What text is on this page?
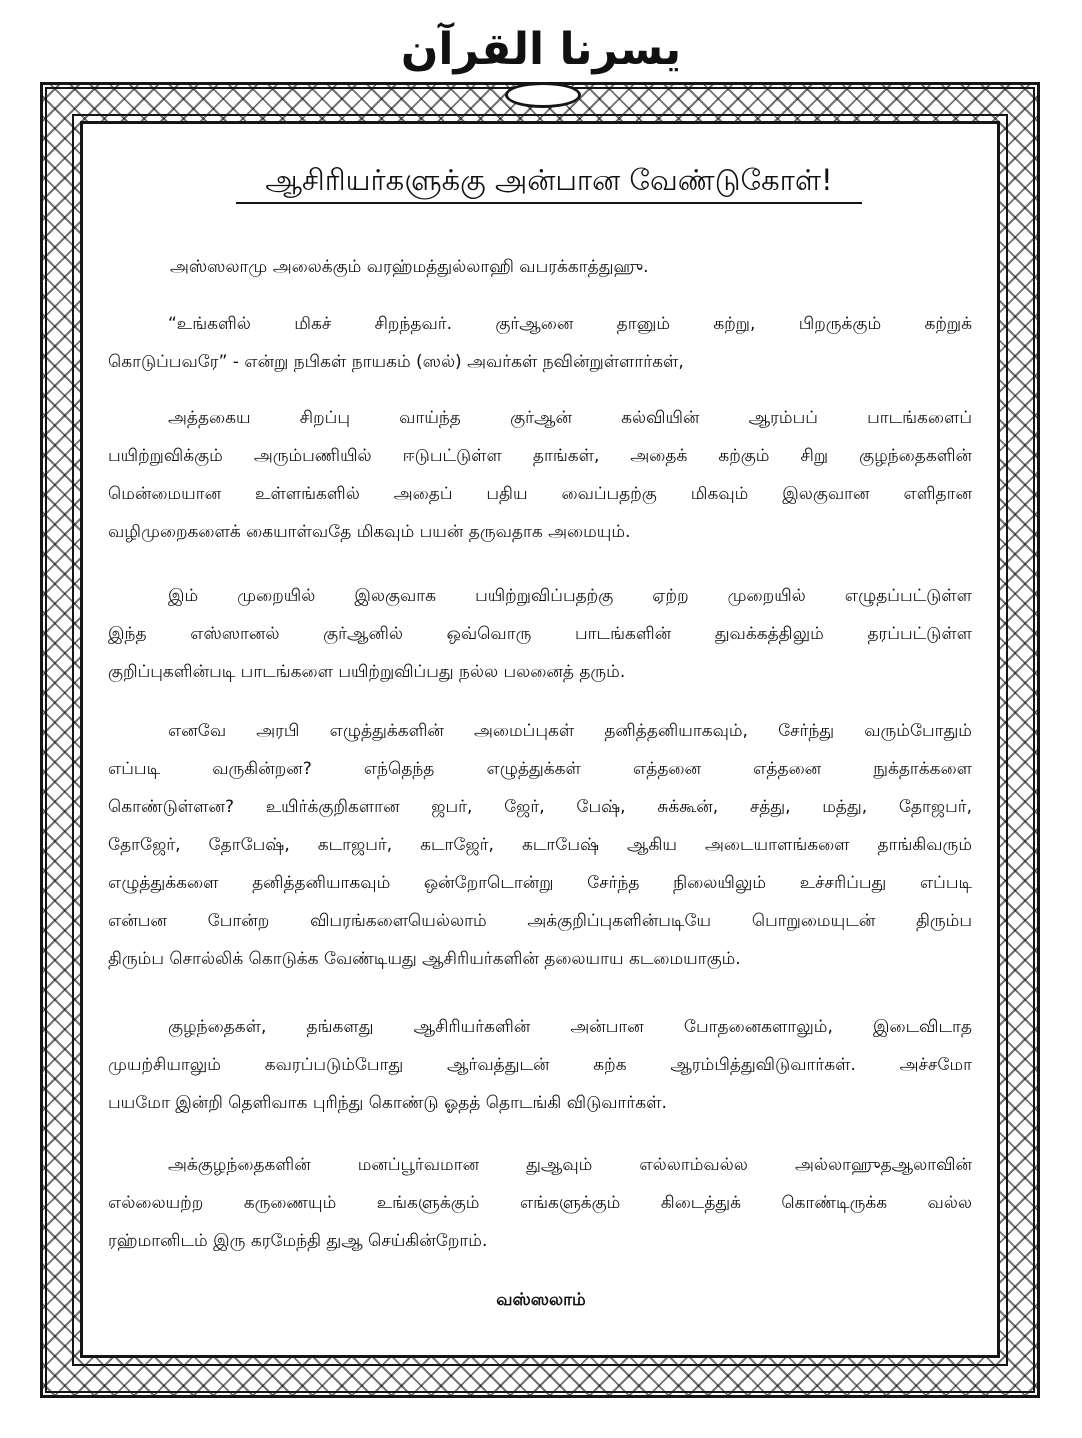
يسرنا القرآن
ஆசிரியர்களுக்கு அன்பான வேண்டுகோள்!
அஸ்ஸலாமு அலைக்கும் வரஹ்மத்துல்லாஹி வபரக்காத்துஹு.
“உங்களில் மிகச் சிறந்தவர். குர்ஆனை தானும் கற்று, பிறருக்கும் கற்றுக்
கொடுப்பவரே” - என்று நபிகள் நாயகம் (ஸல்) அவர்கள் நவின்றுள்ளார்கள்,
அத்தகைய சிறப்பு வாய்ந்த குர்ஆன் கல்வியின் ஆரம்பப் பாடங்களைப்
பயிற்றுவிக்கும் அரும்பணியில் ஈடுபட்டுள்ள தாங்கள், அதைக் கற்கும் சிறு குழந்தைகளின்
மென்மையான உள்ளங்களில் அதைப் பதிய வைப்பதற்கு மிகவும் இலகுவான எளிதான
வழிமுறைகளைக் கையாள்வதே மிகவும் பயன் தருவதாக அமையும்.
இம் முறையில் இலகுவாக பயிற்றுவிப்பதற்கு ஏற்ற முறையில் எழுதப்பட்டுள்ள
இந்த எஸ்ஸானல் குர்ஆனில் ஒவ்வொரு பாடங்களின் துவக்கத்திலும் தரப்பட்டுள்ள
குறிப்புகளின்படி பாடங்களை பயிற்றுவிப்பது நல்ல பலனைத் தரும்.
எனவே அரபி எழுத்துக்களின் அமைப்புகள் தனித்தனியாகவும், சேர்ந்து வரும்போதும்
எப்படி வருகின்றன? எந்தெந்த எழுத்துக்கள் எத்தனை எத்தனை நுக்தாக்களை
கொண்டுள்ளன? உயிர்க்குறிகளான ஜபர், ஜேர், பேஷ், சுக்கூன், சத்து, மத்து, தோஜபர்,
தோஜேர், தோபேஷ், கடாஜபர், கடாஜேர், கடாபேஷ் ஆகிய அடையாளங்களை தாங்கிவரும்
எழுத்துக்களை தனித்தனியாகவும் ஒன்றோடொன்று சேர்ந்த நிலையிலும் உச்சரிப்பது எப்படி
என்பன போன்ற விபரங்களையெல்லாம் அக்குறிப்புகளின்படியே பொறுமையுடன் திரும்ப
திரும்ப சொல்லிக் கொடுக்க வேண்டியது ஆசிரியர்களின் தலையாய கடமையாகும்.
குழந்தைகள், தங்களது ஆசிரியர்களின் அன்பான போதனைகளாலும், இடைவிடாத
முயற்சியாலும் கவரப்படும்போது ஆர்வத்துடன் கற்க ஆரம்பித்துவிடுவார்கள். அச்சமோ
பயமோ இன்றி தெளிவாக புரிந்து கொண்டு ஓதத் தொடங்கி விடுவார்கள்.
அக்குழந்தைகளின் மனப்பூர்வமான துஆவும் எல்லாம்வல்ல அல்லாஹுதஆலாவின்
எல்லையற்ற கருணையும் உங்களுக்கும் எங்களுக்கும் கிடைத்துக் கொண்டிருக்க வல்ல
ரஹ்மானிடம் இரு கரமேந்தி துஆ செய்கின்றோம்.
வஸ்ஸலாம்
